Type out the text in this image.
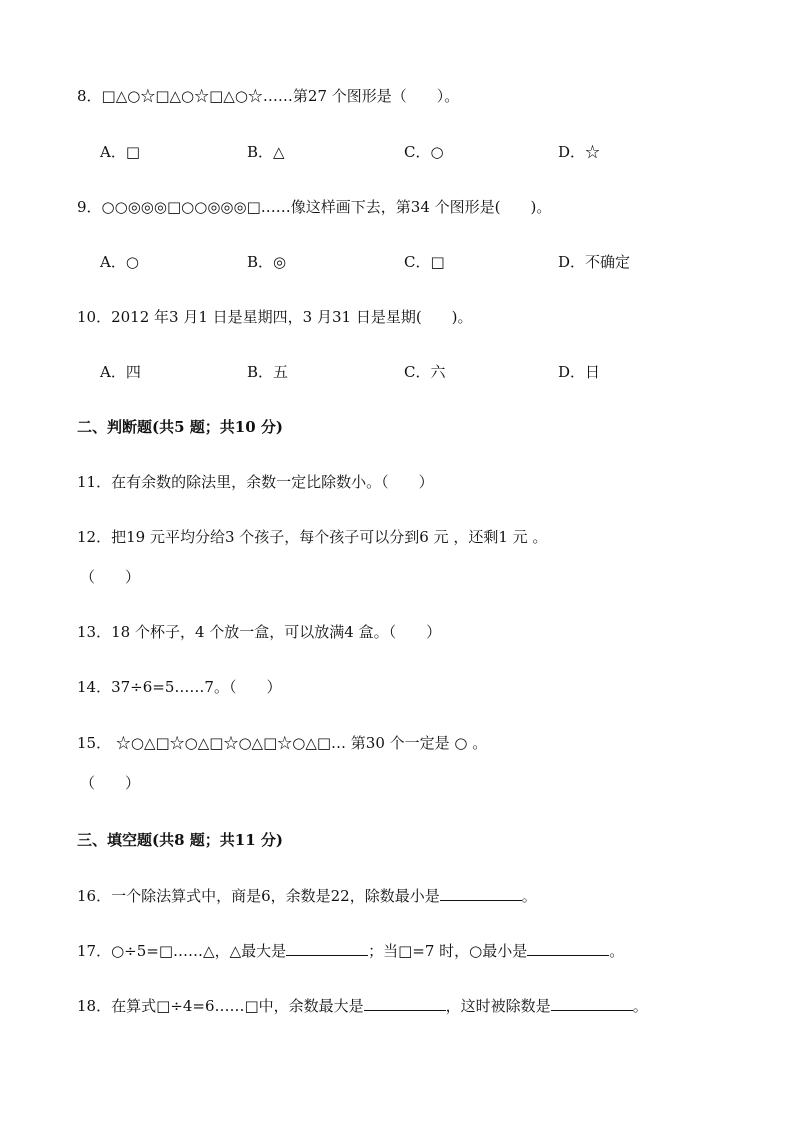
8．□△○☆□△○☆□△○☆……第27 个图形是（　　）。
A．□	B．△	C．○	D．☆
9．○○◎◎◎□○○◎◎◎□……像这样画下去，第34 个图形是(　　)。
A．○	B．◎	C．□	D．不确定
10．2012 年3 月1 日是星期四，3 月31 日是星期(　　)。
A．四	B．五	C．六	D．日
二、判断题(共5 题；共10 分)
11．在有余数的除法里，余数一定比除数小。（　　）
12．把19 元平均分给3 个孩子，每个孩子可以分到6 元 ，还剩1 元 。
（　　）
13．18 个杯子，4 个放一盒，可以放满4 盒。（　　）
14．37÷6=5……7。（　　）
15． ☆○△□☆○△□☆○△□☆○△□… 第30 个一定是 ○ 。
（　　）
三、填空题(共8 题；共11 分)
16．一个除法算式中，商是6，余数是22，除数最小是	。
17．○÷5=□……△，△最大是	；当□=7 时，○最小是	。
18．在算式□÷4=6……□中，余数最大是	，这时被除数是	。
